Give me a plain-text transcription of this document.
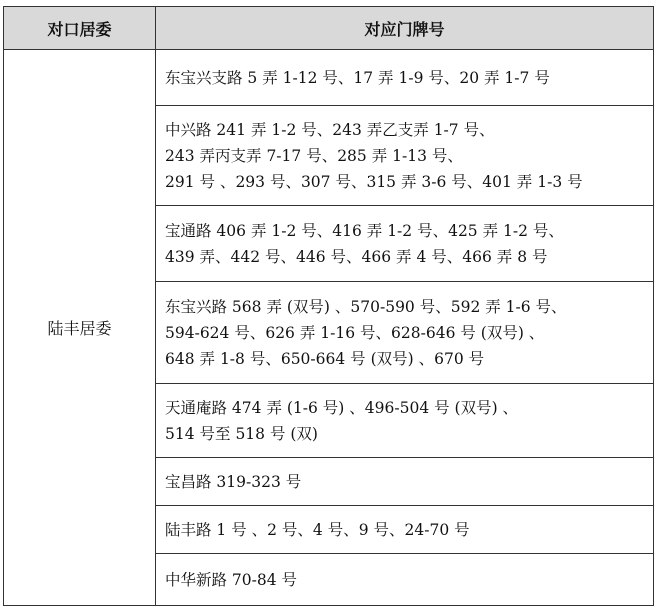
对口居委	对应门牌号
陆丰居委	东宝兴支路 5 弄 1-12 号、17 弄 1-9 号、20 弄 1-7 号

	中兴路 241 弄 1-2 号、243 弄乙支弄 1-7 号、
243 弄丙支弄 7-17 号、285 弄 1-13 号、
291 号 、293 号、307 号、315 弄 3-6 号、401 弄 1-3 号

	宝通路 406 弄 1-2 号、416 弄 1-2 号、425 弄 1-2 号、
439 弄、442 号、446 号、466 弄 4 号、466 弄 8 号

	东宝兴路 568 弄 (双号) 、570-590 号、592 弄 1-6 号、
594-624 号、626 弄 1-16 号、628-646 号 (双号) 、
648 弄 1-8 号、650-664 号 (双号) 、670 号

	天通庵路 474 弄 (1-6 号) 、496-504 号 (双号) 、
514 号至 518 号 (双)

	宝昌路 319-323 号

	陆丰路 1 号 、2 号、4 号、9 号、24-70 号

	中华新路 70-84 号
